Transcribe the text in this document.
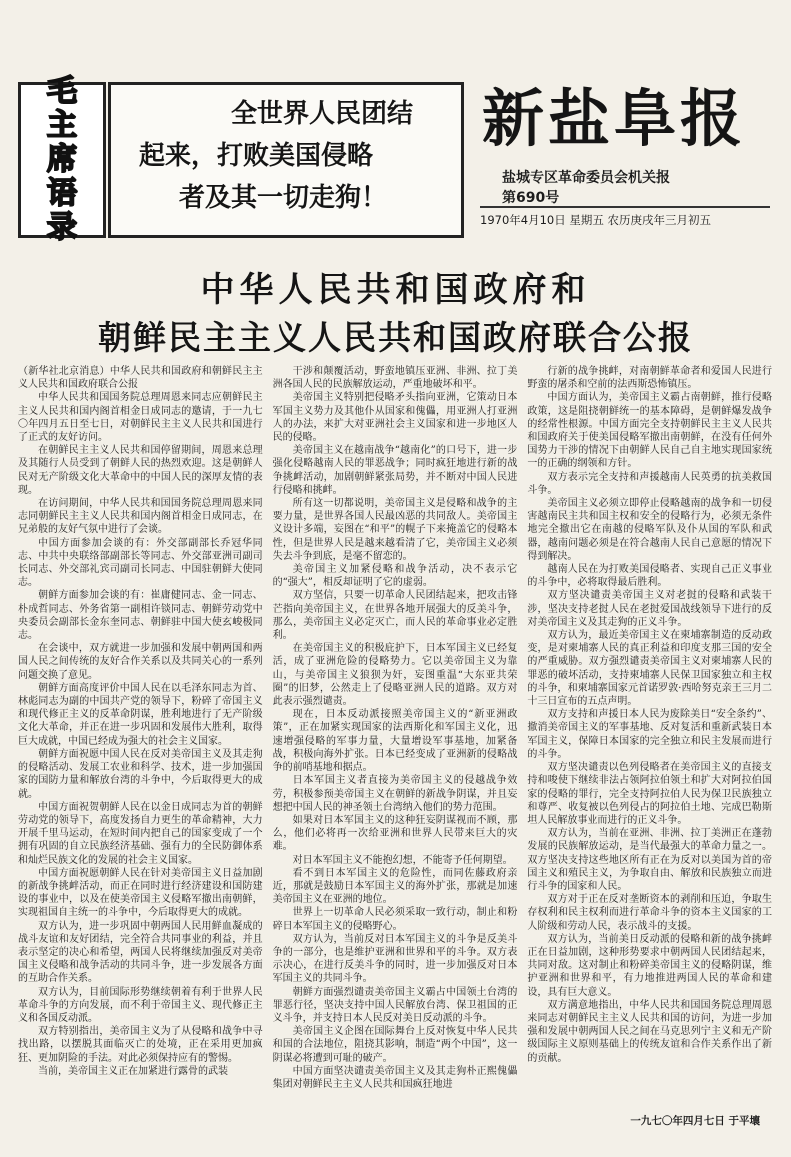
毛
主
席
语
录
全世界人民团结
起来，打败美国侵略
者及其一切走狗！
新盐阜报
盐城专区革命委员会机关报
第690号
1970年4月10日 星期五 农历庚戌年三月初五
中华人民共和国政府和
朝鲜民主主义人民共和国政府联合公报

（新华社北京消息）中华人民共和国政府和朝鲜民主主义人民共和国政府联合公报

中华人民共和国国务院总理周恩来同志应朝鲜民主主义人民共和国内阁首相金日成同志的邀请，于一九七〇年四月五日至七日，对朝鲜民主主义人民共和国进行了正式的友好访问。

在朝鲜民主主义人民共和国停留期间，周恩来总理及其随行人员受到了朝鲜人民的热烈欢迎。这是朝鲜人民对无产阶级文化大革命中的中国人民的深厚友情的表现。

在访问期间，中华人民共和国国务院总理周恩来同志同朝鲜民主主义人民共和国内阁首相金日成同志，在兄弟般的友好气氛中进行了会谈。

中国方面参加会谈的有：外交部副部长乔冠华同志、中共中央联络部副部长等同志、外交部亚洲司副司长同志、外交部礼宾司副司长同志、中国驻朝鲜大使同志。

朝鲜方面参加会谈的有：崔庸健同志、金一同志、朴成哲同志、外务省第一副相许锬同志、朝鲜劳动党中央委员会副部长金东奎同志、朝鲜驻中国大使玄峻极同志。

在会谈中，双方就进一步加强和发展中朝两国和两国人民之间传统的友好合作关系以及共同关心的一系列问题交换了意见。

朝鲜方面高度评价中国人民在以毛泽东同志为首、林彪同志为副的中国共产党的领导下，粉碎了帝国主义和现代修正主义的反革命阴谋，胜利地进行了无产阶级文化大革命，并正在进一步巩固和发展伟大胜利，取得巨大成就，中国已经成为强大的社会主义国家。

朝鲜方面祝愿中国人民在反对美帝国主义及其走狗的侵略活动、发展工农业和科学、技术，进一步加强国家的国防力量和解放台湾的斗争中，今后取得更大的成就。

中国方面祝贺朝鲜人民在以金日成同志为首的朝鲜劳动党的领导下，高度发扬自力更生的革命精神，大力开展千里马运动，在短时间内把自己的国家变成了一个拥有巩固的自立民族经济基础、强有力的全民防御体系和灿烂民族文化的发展的社会主义国家。

中国方面祝愿朝鲜人民在针对美帝国主义日益加剧的新战争挑衅活动，而正在同时进行经济建设和国防建设的事业中，以及在使美帝国主义侵略军撤出南朝鲜，实现祖国自主统一的斗争中，今后取得更大的成就。

双方认为，进一步巩固中朝两国人民用鲜血凝成的战斗友谊和友好团结，完全符合共同事业的利益，并且表示坚定的决心和希望，两国人民将继续加强反对美帝国主义侵略和战争活动的共同斗争，进一步发展各方面的互助合作关系。

双方认为，目前国际形势继续朝着有利于世界人民革命斗争的方向发展，而不利于帝国主义、现代修正主义和各国反动派。

双方特别指出，美帝国主义为了从侵略和战争中寻找出路，以摆脱其面临灭亡的处境，正在采用更加疯狂、更加阴险的手法。对此必须保持应有的警惕。

当前，美帝国主义正在加紧进行露骨的武装

干涉和颠覆活动，野蛮地镇压亚洲、非洲、拉丁美洲各国人民的民族解放运动，严重地破坏和平。

美帝国主义特别把侵略矛头指向亚洲，它策动日本军国主义势力及其他仆从国家和傀儡，用亚洲人打亚洲人的办法，来扩大对亚洲社会主义国家和进一步地区人民的侵略。

美帝国主义在越南战争“越南化”的口号下，进一步强化侵略越南人民的罪恶战争；同时疯狂地进行新的战争挑衅活动，加剧朝鲜紧张局势，并不断对中国人民进行侵略和挑衅。

所有这一切都说明，美帝国主义是侵略和战争的主要力量，是世界各国人民最凶恶的共同敌人。美帝国主义设计多端，妄图在“和平”的幌子下来掩盖它的侵略本性，但是世界人民是越来越看清了它，美帝国主义必须失去斗争到底，是毫不留恋的。

美帝国主义加紧侵略和战争活动，决不表示它的“强大”，相反却证明了它的虚弱。

双方坚信，只要一切革命人民团结起来，把攻击锋芒指向美帝国主义，在世界各地开展强大的反美斗争，那么，美帝国主义必定灭亡，而人民的革命事业必定胜利。

在美帝国主义的积极庇护下，日本军国主义已经复活，成了亚洲危险的侵略势力。它以美帝国主义为靠山，与美帝国主义狼狈为奸，妄图重温“大东亚共荣圈”的旧梦，公然走上了侵略亚洲人民的道路。双方对此表示强烈谴责。

现在，日本反动派接照美帝国主义的“新亚洲政策”，正在加紧实现国家的法西斯化和军国主义化，迅速增强侵略的军事力量，大量增设军事基地，加紧备战，积极向海外扩张。日本已经变成了亚洲新的侵略战争的前哨基地和据点。

日本军国主义者直接为美帝国主义的侵越战争效劳，积极参预美帝国主义在朝鲜的新战争阴谋，并且妄想把中国人民的神圣领土台湾纳入他们的势力范围。

如果对日本军国主义的这种狂妄阴谋视而不顾，那么，他们必将再一次给亚洲和世界人民带来巨大的灾难。

对日本军国主义不能抱幻想，不能寄予任何期望。

看不到日本军国主义的危险性，而同佐藤政府亲近，那就是鼓励日本军国主义的海外扩张，那就是加速美帝国主义在亚洲的地位。

世界上一切革命人民必须采取一致行动，制止和粉碎日本军国主义的侵略野心。

双方认为，当前反对日本军国主义的斗争是反美斗争的一部分，也是维护亚洲和世界和平的斗争。双方表示决心，在进行反美斗争的同时，进一步加强反对日本军国主义的共同斗争。

朝鲜方面强烈谴责美帝国主义霸占中国领土台湾的罪恶行径，坚决支持中国人民解放台湾、保卫祖国的正义斗争，并支持日本人民反对美日反动派的斗争。

美帝国主义企图在国际舞台上反对恢复中华人民共和国的合法地位，阻挠其影响，制造“两个中国”，这一阴谋必将遭到可耻的破产。

中国方面坚决谴责美帝国主义及其走狗朴正熙傀儡集团对朝鲜民主主义人民共和国疯狂地进

行新的战争挑衅，对南朝鲜革命者和爱国人民进行野蛮的屠杀和空前的法西斯恐怖镇压。

中国方面认为，美帝国主义霸占南朝鲜，推行侵略政策，这是阻挠朝鲜统一的基本障碍，是朝鲜爆发战争的经常性根源。中国方面完全支持朝鲜民主主义人民共和国政府关于使美国侵略军撤出南朝鲜，在没有任何外国势力干涉的情况下由朝鲜人民自己自主地实现国家统一的正确的纲领和方针。

双方表示完全支持和声援越南人民英勇的抗美救国斗争。

美帝国主义必须立即停止侵略越南的战争和一切侵害越南民主共和国主权和安全的侵略行为，必须无条件地完全撤出它在南越的侵略军队及仆从国的军队和武器，越南问题必须是在符合越南人民自己意愿的情况下得到解决。

越南人民在为打败美国侵略者、实现自己正义事业的斗争中，必将取得最后胜利。

双方坚决谴责美帝国主义对老挝的侵略和武装干涉，坚决支持老挝人民在老挝爱国战线领导下进行的反对美帝国主义及其走狗的正义斗争。

双方认为，最近美帝国主义在柬埔寨制造的反动政变，是对柬埔寨人民的真正利益和印度支那三国的安全的严重威胁。双方强烈谴责美帝国主义对柬埔寨人民的罪恶的破坏活动，支持柬埔寨人民保卫国家独立和主权的斗争，和柬埔寨国家元首诺罗敦·西哈努克亲王三月二十三日宣布的五点声明。

双方支持和声援日本人民为废除美日“安全条约”、撤消美帝国主义的军事基地、反对复活和重新武装日本军国主义，保障日本国家的完全独立和民主发展而进行的斗争。

双方坚决谴责以色列侵略者在美帝国主义的直接支持和唆使下继续非法占领阿拉伯领土和扩大对阿拉伯国家的侵略的罪行，完全支持阿拉伯人民为保卫民族独立和尊严、收复被以色列侵占的阿拉伯土地、完成巴勒斯坦人民解放事业而进行的正义斗争。

双方认为，当前在亚洲、非洲、拉丁美洲正在蓬勃发展的民族解放运动，是当代最强大的革命力量之一。双方坚决支持这些地区所有正在为反对以美国为首的帝国主义和殖民主义，为争取自由、解放和民族独立而进行斗争的国家和人民。

双方对于正在反对垄断资本的剥削和压迫，争取生存权利和民主权利而进行革命斗争的资本主义国家的工人阶级和劳动人民，表示战斗的支援。

双方认为，当前美日反动派的侵略和新的战争挑衅正在日益加剧，这种形势要求中朝两国人民团结起来，共同对敌。这对制止和粉碎美帝国主义的侵略阴谋，维护亚洲和世界和平，有力地推进两国人民的革命和建设，具有巨大意义。

双方满意地指出，中华人民共和国国务院总理周恩来同志对朝鲜民主主义人民共和国的访问，为进一步加强和发展中朝两国人民之间在马克思列宁主义和无产阶级国际主义原则基础上的传统友谊和合作关系作出了新的贡献。

一九七〇年四月七日 于平壤
